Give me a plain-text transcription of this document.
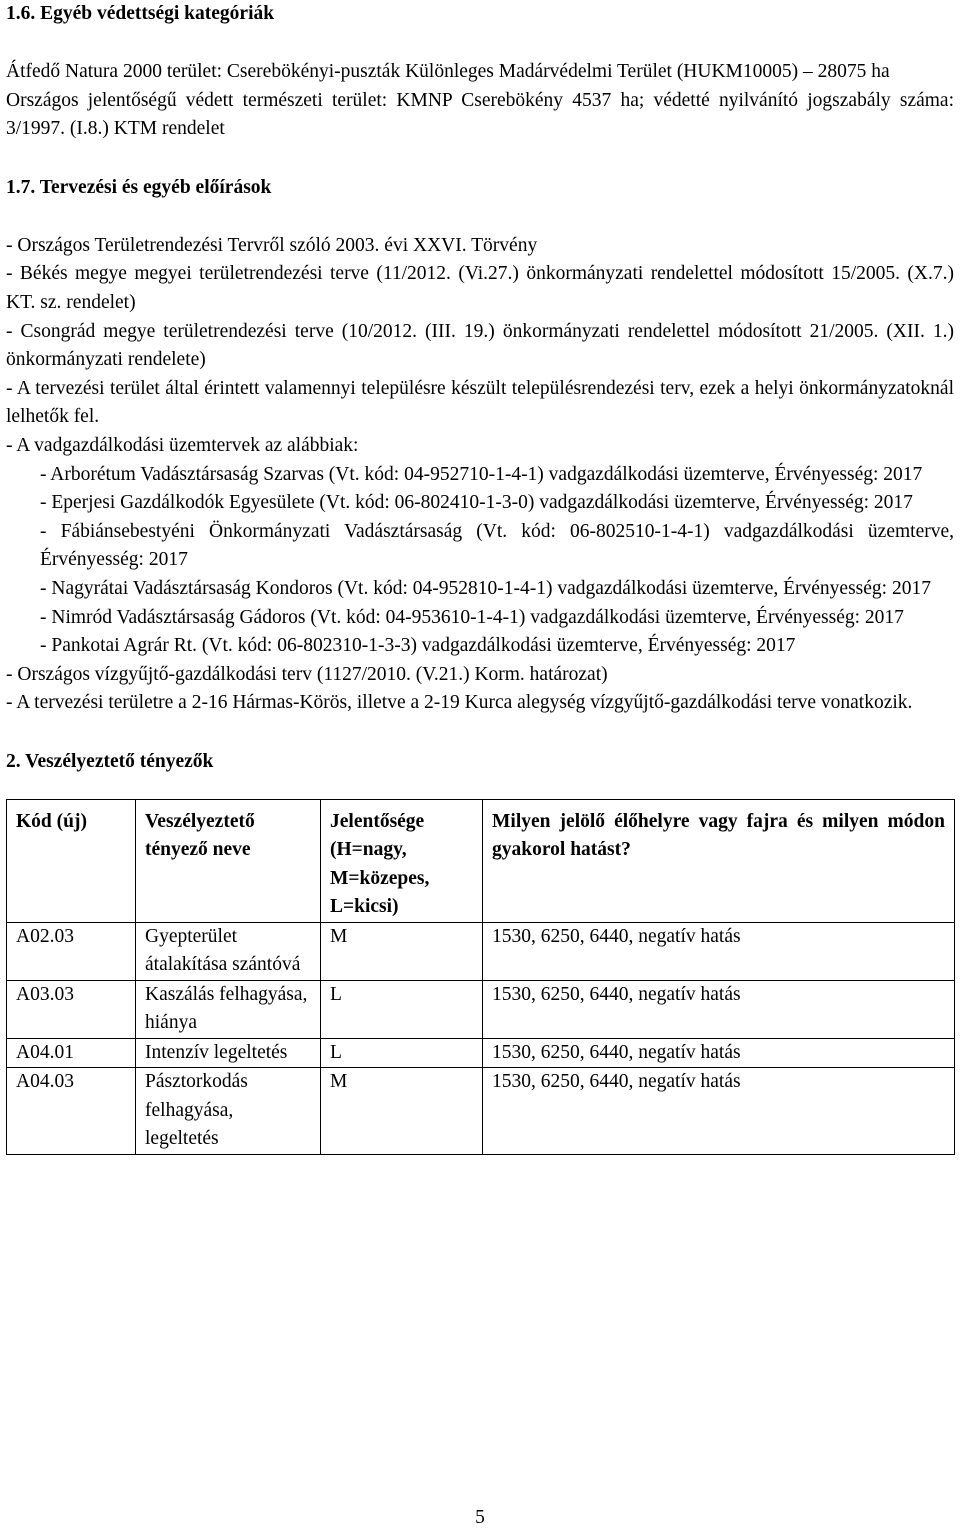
1.6. Egyéb védettségi kategóriák

Átfedő Natura 2000 terület: Cserebökényi-puszták Különleges Madárvédelmi Terület (HUKM10005) – 28075 ha

Országos jelentőségű védett természeti terület: KMNP Cserebökény 4537 ha; védetté nyilvánító jogszabály száma: 3/1997. (I.8.) KTM rendelet

1.7. Tervezési és egyéb előírások

- Országos Területrendezési Tervről szóló 2003. évi XXVI. Törvény

- Békés megye megyei területrendezési terve (11/2012. (Vi.27.) önkormányzati rendelettel módosított 15/2005. (X.7.) KT. sz. rendelet)

- Csongrád megye területrendezési terve (10/2012. (III. 19.) önkormányzati rendelettel módosított 21/2005. (XII. 1.) önkormányzati rendelete)

- A tervezési terület által érintett valamennyi településre készült településrendezési terv, ezek a helyi önkormányzatoknál lelhetők fel.

- A vadgazdálkodási üzemtervek az alábbiak:

- Arborétum Vadásztársaság Szarvas (Vt. kód: 04-952710-1-4-1) vadgazdálkodási üzemterve, Érvényesség: 2017

- Eperjesi Gazdálkodók Egyesülete (Vt. kód: 06-802410-1-3-0) vadgazdálkodási üzemterve, Érvényesség: 2017

- Fábiánsebestyéni Önkormányzati Vadásztársaság (Vt. kód: 06-802510-1-4-1) vadgazdálkodási üzemterve, Érvényesség: 2017

- Nagyrátai Vadásztársaság Kondoros (Vt. kód: 04-952810-1-4-1) vadgazdálkodási üzemterve, Érvényesség: 2017

- Nimród Vadásztársaság Gádoros (Vt. kód: 04-953610-1-4-1) vadgazdálkodási üzemterve, Érvényesség: 2017

- Pankotai Agrár Rt. (Vt. kód: 06-802310-1-3-3) vadgazdálkodási üzemterve, Érvényesség: 2017

- Országos vízgyűjtő-gazdálkodási terv (1127/2010. (V.21.) Korm. határozat)

- A tervezési területre a 2-16 Hármas-Körös, illetve a 2-19 Kurca alegység vízgyűjtő-gazdálkodási terve vonatkozik.

2. Veszélyeztető tényezők
Kód (új)	Veszélyeztető tényező neve	Jelentősége (H=nagy, M=közepes, L=kicsi)	Milyen jelölő élőhelyre vagy fajra és milyen módon gyakorol hatást?
A02.03	Gyepterület átalakítása szántóvá	M	1530, 6250, 6440, negatív hatás
A03.03	Kaszálás felhagyása, hiánya	L	1530, 6250, 6440, negatív hatás
A04.01	Intenzív legeltetés	L	1530, 6250, 6440, negatív hatás
A04.03	Pásztorkodás felhagyása, legeltetés	M	1530, 6250, 6440, negatív hatás
5
